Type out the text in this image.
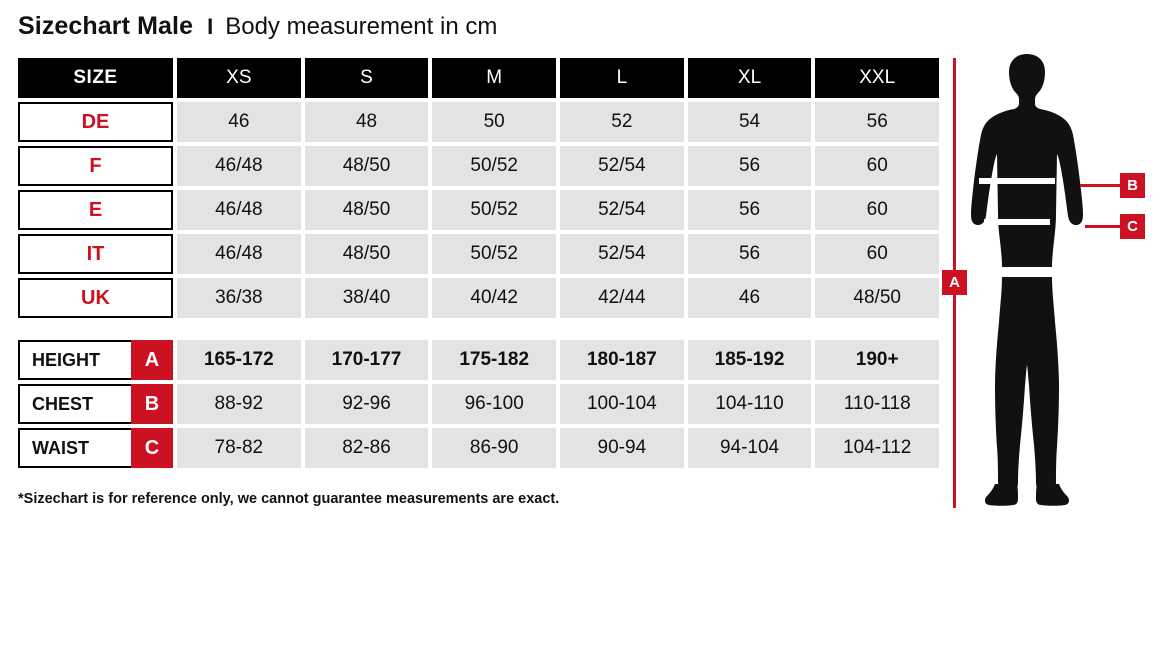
Sizechart Male I Body measurement in cm
SIZE	XS	S	M	L	XL	XXL
DE	46	48	50	52	54	56
F	46/48	48/50	50/52	52/54	56	60
E	46/48	48/50	50/52	52/54	56	60
IT	46/48	48/50	50/52	52/54	56	60
UK	36/38	38/40	40/42	42/44	46	48/50
HEIGHT	A	165-172	170-177	175-182	180-187	185-192	190+
CHEST	B	88-92	92-96	96-100	100-104	104-110	110-118
WAIST	C	78-82	82-86	86-90	90-94	94-104	104-112
*Sizechart is for reference only, we cannot guarantee measurements are exact.
A
B
C
